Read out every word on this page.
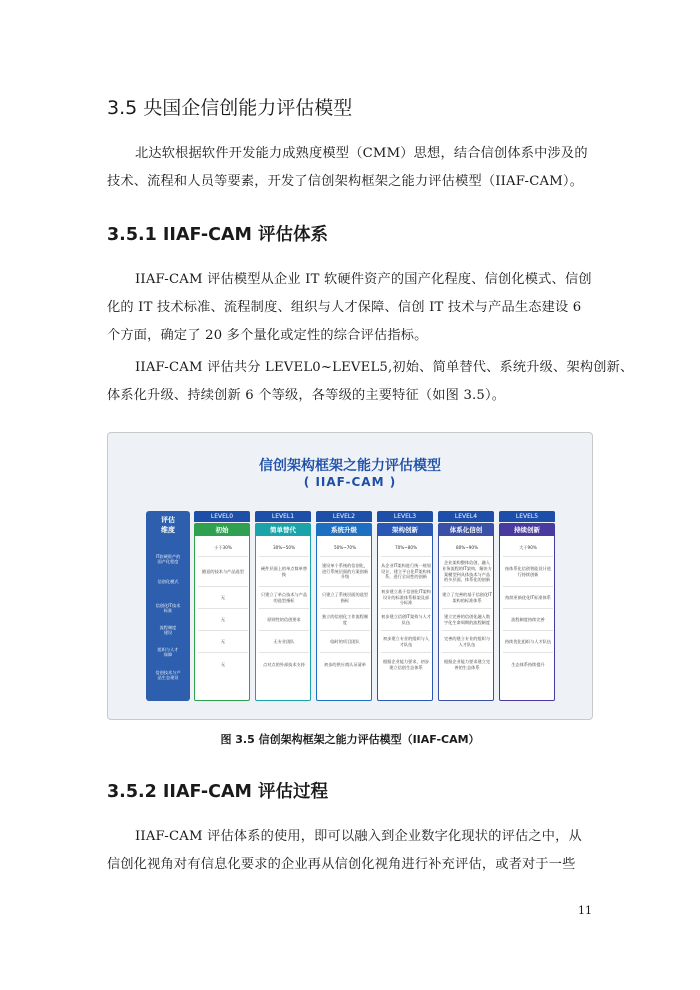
3.5 央国企信创能力评估模型
北达软根据软件开发能力成熟度模型（CMM）思想，结合信创体系中涉及的
技术、流程和人员等要素，开发了信创架构框架之能力评估模型（IIAF-CAM）。
3.5.1 IIAF-CAM 评估体系
IIAF-CAM 评估模型从企业 IT 软硬件资产的国产化程度、信创化模式、信创
化的 IT 技术标准、流程制度、组织与人才保障、信创 IT 技术与产品生态建设 6
个方面，确定了 20 多个量化或定性的综合评估指标。
IIAF-CAM 评估共分 LEVEL0~LEVEL5,初始、简单替代、系统升级、架构创新、
体系化升级、持续创新 6 个等级，各等级的主要特征（如图 3.5）。
信创架构框架之能力评估模型
( IIAF-CAM )
评估
维度
IT软硬资产的
国产化程度
信创化模式
信创化IT技术
标准
流程制度
建设
组织与人才
保障
信创技术与产
品生态建设
LEVEL0
初始
小于30%
随意的技术与产品选型
无
无
无
无
LEVEL1
简单替代
30%~50%
硬件层面上的单点简单替换
只建立了单点技术与产品的选型指标
原则性的信创要求
无专业团队
点对点的外部技术支持
LEVEL2
系统升级
50%~70%
建设单个系统的信创化，进行系统层面的方案创新升级
只建立了系统层面的选型指标
独立的信创化工作流程制度
临时的项目团队
初步的供应商认证清单
LEVEL3
架构创新
70%~80%
从企业IT架构进行统一规划设计，建立平台化IT架构体系，进行全局性的创新
初步建立基于信创化IT架构设计的标准体系框架及部分标准
初步建立信创IT架构与人才队伍
初步建立专业的组织与人才队伍
根据企业能力要求，初步建立信创生态体系
LEVEL4
体系化信创
80%~90%
企业架构整体信创，融入业务流程的IT架构，解决方案模型到具体技术与产品的多层面，体系化的创新
建立了完善的基于信创化IT架构的标准体系
建立完善的信创化融入数字化生命周期的流程制度
完善的建立专业的组织与人才队伍
根据企业能力要求建立完善的生态体系
LEVEL5
持续创新
大于90%
按体系化信创智能设计进行持续创新
持续更新优化IT标准体系
流程制度持续完善
持续优化组织与人才队伍
生态体系持续提升
图 3.5 信创架构框架之能力评估模型（IIAF-CAM）
3.5.2 IIAF-CAM 评估过程
IIAF-CAM 评估体系的使用，即可以融入到企业数字化现状的评估之中，从
信创化视角对有信息化要求的企业再从信创化视角进行补充评估，或者对于一些
11
